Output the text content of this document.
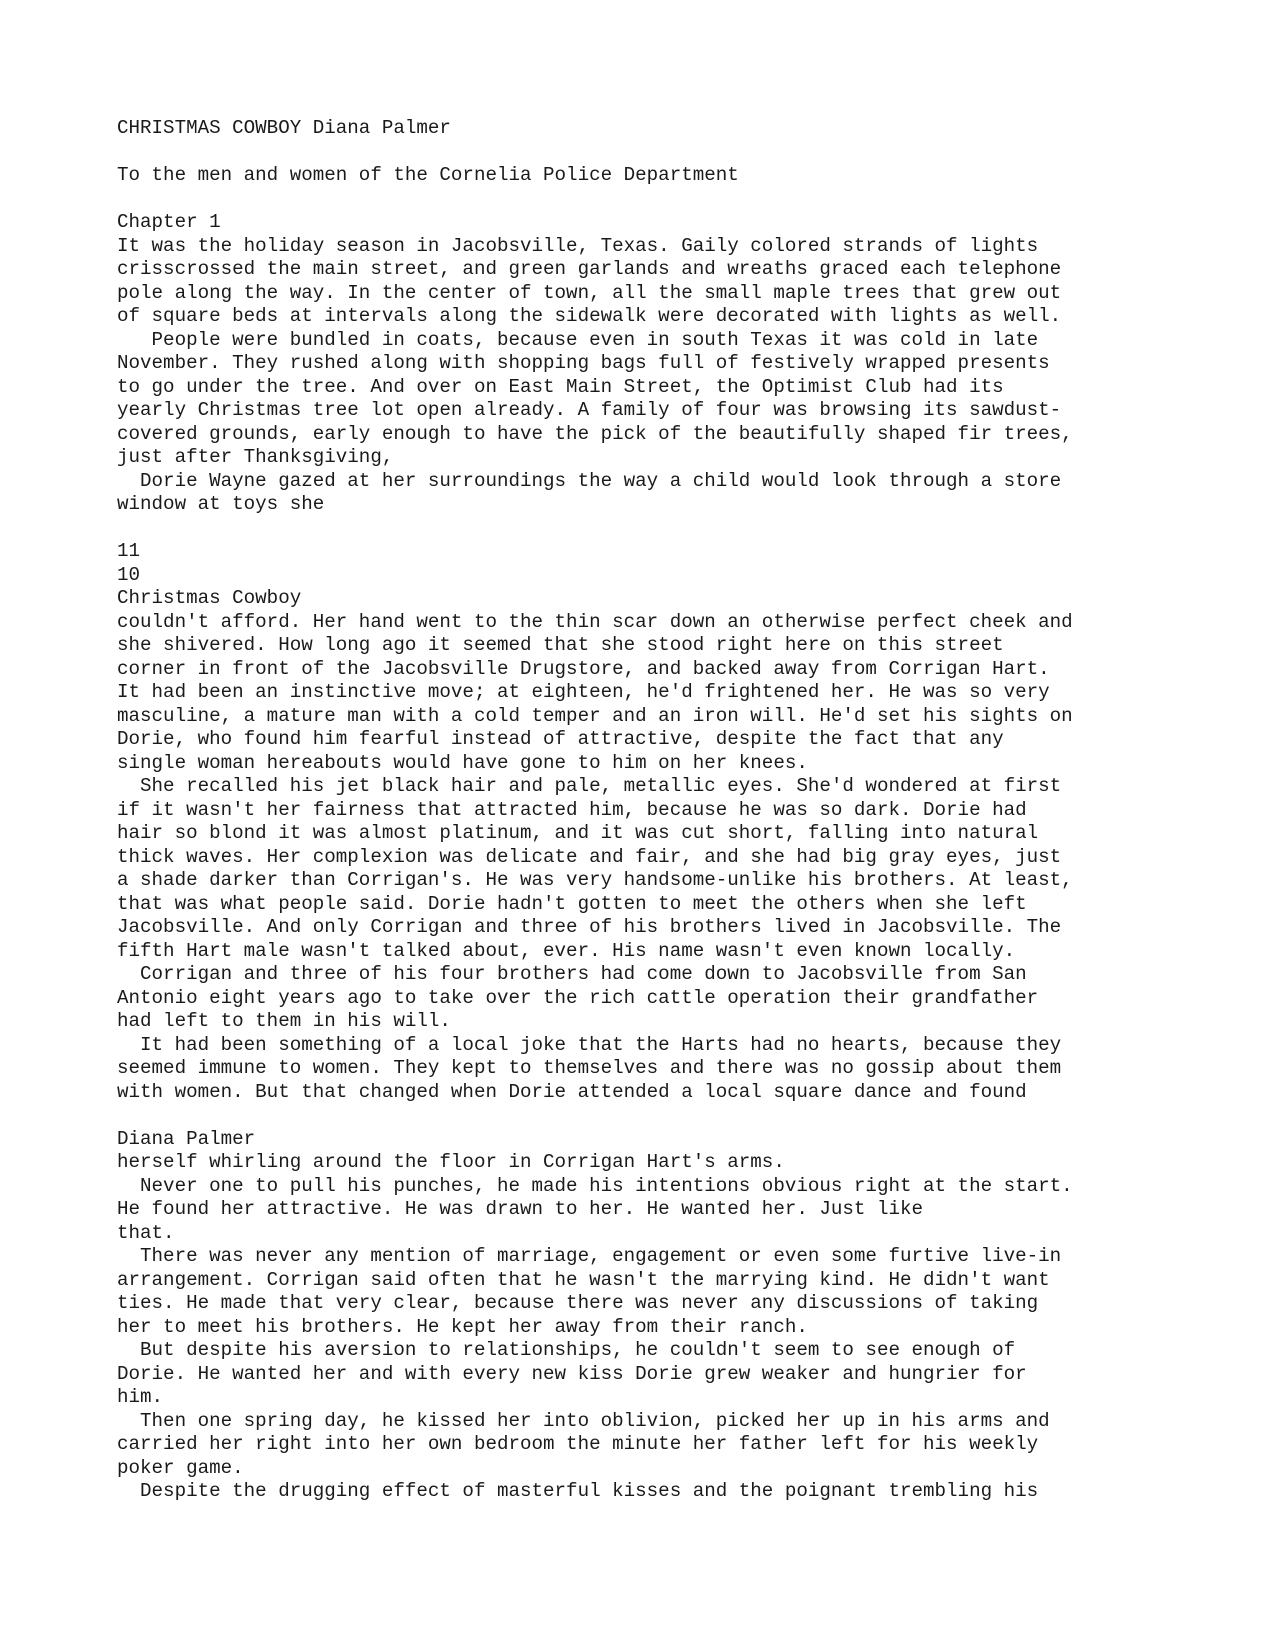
CHRISTMAS COWBOY Diana Palmer
To the men and women of the Cornelia Police Department
Chapter 1
It was the holiday season in Jacobsville, Texas. Gaily colored strands of lights
crisscrossed the main street, and green garlands and wreaths graced each telephone
pole along the way. In the center of town, all the small maple trees that grew out
of square beds at intervals along the sidewalk were decorated with lights as well.
People were bundled in coats, because even in south Texas it was cold in late
November. They rushed along with shopping bags full of festively wrapped presents
to go under the tree. And over on East Main Street, the Optimist Club had its
yearly Christmas tree lot open already. A family of four was browsing its sawdust-
covered grounds, early enough to have the pick of the beautifully shaped fir trees,
just after Thanksgiving,
Dorie Wayne gazed at her surroundings the way a child would look through a store
window at toys she
11
10
Christmas Cowboy
couldn't afford. Her hand went to the thin scar down an otherwise perfect cheek and
she shivered. How long ago it seemed that she stood right here on this street
corner in front of the Jacobsville Drugstore, and backed away from Corrigan Hart.
It had been an instinctive move; at eighteen, he'd frightened her. He was so very
masculine, a mature man with a cold temper and an iron will. He'd set his sights on
Dorie, who found him fearful instead of attractive, despite the fact that any
single woman hereabouts would have gone to him on her knees.
She recalled his jet black hair and pale, metallic eyes. She'd wondered at first
if it wasn't her fairness that attracted him, because he was so dark. Dorie had
hair so blond it was almost platinum, and it was cut short, falling into natural
thick waves. Her complexion was delicate and fair, and she had big gray eyes, just
a shade darker than Corrigan's. He was very handsome-unlike his brothers. At least,
that was what people said. Dorie hadn't gotten to meet the others when she left
Jacobsville. And only Corrigan and three of his brothers lived in Jacobsville. The
fifth Hart male wasn't talked about, ever. His name wasn't even known locally.
Corrigan and three of his four brothers had come down to Jacobsville from San
Antonio eight years ago to take over the rich cattle operation their grandfather
had left to them in his will.
It had been something of a local joke that the Harts had no hearts, because they
seemed immune to women. They kept to themselves and there was no gossip about them
with women. But that changed when Dorie attended a local square dance and found
Diana Palmer
herself whirling around the floor in Corrigan Hart's arms.
Never one to pull his punches, he made his intentions obvious right at the start.
He found her attractive. He was drawn to her. He wanted her. Just like
that.
There was never any mention of marriage, engagement or even some furtive live-in
arrangement. Corrigan said often that he wasn't the marrying kind. He didn't want
ties. He made that very clear, because there was never any discussions of taking
her to meet his brothers. He kept her away from their ranch.
But despite his aversion to relationships, he couldn't seem to see enough of
Dorie. He wanted her and with every new kiss Dorie grew weaker and hungrier for
him.
Then one spring day, he kissed her into oblivion, picked her up in his arms and
carried her right into her own bedroom the minute her father left for his weekly
poker game.
Despite the drugging effect of masterful kisses and the poignant trembling his
